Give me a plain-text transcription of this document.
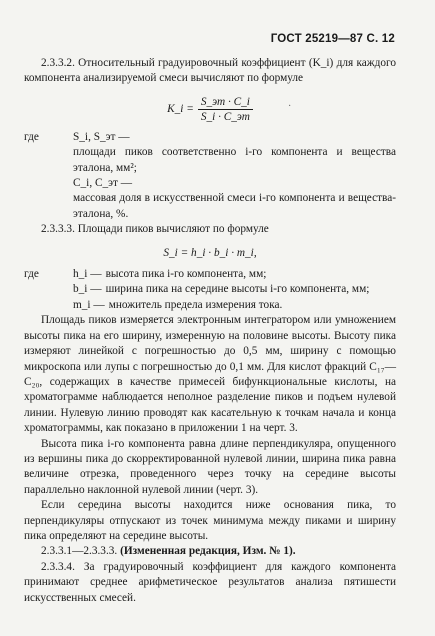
ГОСТ 25219—87 С. 12
·

2.3.3.2. Относительный градуировочный коэффициент (K_i) для каждого компонента анализируемой смеси вычисляют по формуле

K_i = $\frac{S\_эт \cdot C\_i}{S\_i \cdot C\_эт}$
где	S_i, S_эт —
площади пиков соответственно i-го компонента и вещества эталона, мм²;
C_i, C_эт —
массовая доля в искусственной смеси i-го компонента и вещества-эталона, %.

2.3.3.3. Площади пиков вычисляют по формуле

S_i = h_i · b_i · m_i,
где	h_i — высота пика i-го компонента, мм;
b_i — ширина пика на середине высоты i-го компонента, мм;
m_i — множитель предела измерения тока.

Площадь пиков измеряется электронным интегратором или умножением высоты пика на его ширину, измеренную на половине высоты. Высоту пика измеряют линейкой с погрешностью до 0,5 мм, ширину с помощью микроскопа или лупы с погрешностью до 0,1 мм. Для кислот фракций C₁₇—C₂₀, содержащих в качестве примесей бифункциональные кислоты, на хроматограмме наблюдается неполное разделение пиков и подъем нулевой линии. Нулевую линию проводят как касательную к точкам начала и конца хроматограммы, как показано в приложении 1 на черт. 3.

Высота пика i-го компонента равна длине перпендикуляра, опущенного из вершины пика до скорректированной нулевой линии, ширина пика равна величине отрезка, проведенного через точку на середине высоты параллельно наклонной нулевой линии (черт. 3).

Если середина высоты находится ниже основания пика, то перпендикуляры отпускают из точек минимума между пиками и ширину пика определяют на середине высоты.

2.3.3.1—2.3.3.3. (Измененная редакция, Изм. № 1).

2.3.3.4. За градуировочный коэффициент для каждого компонента принимают среднее арифметическое результатов анализа пятишести искусственных смесей.
